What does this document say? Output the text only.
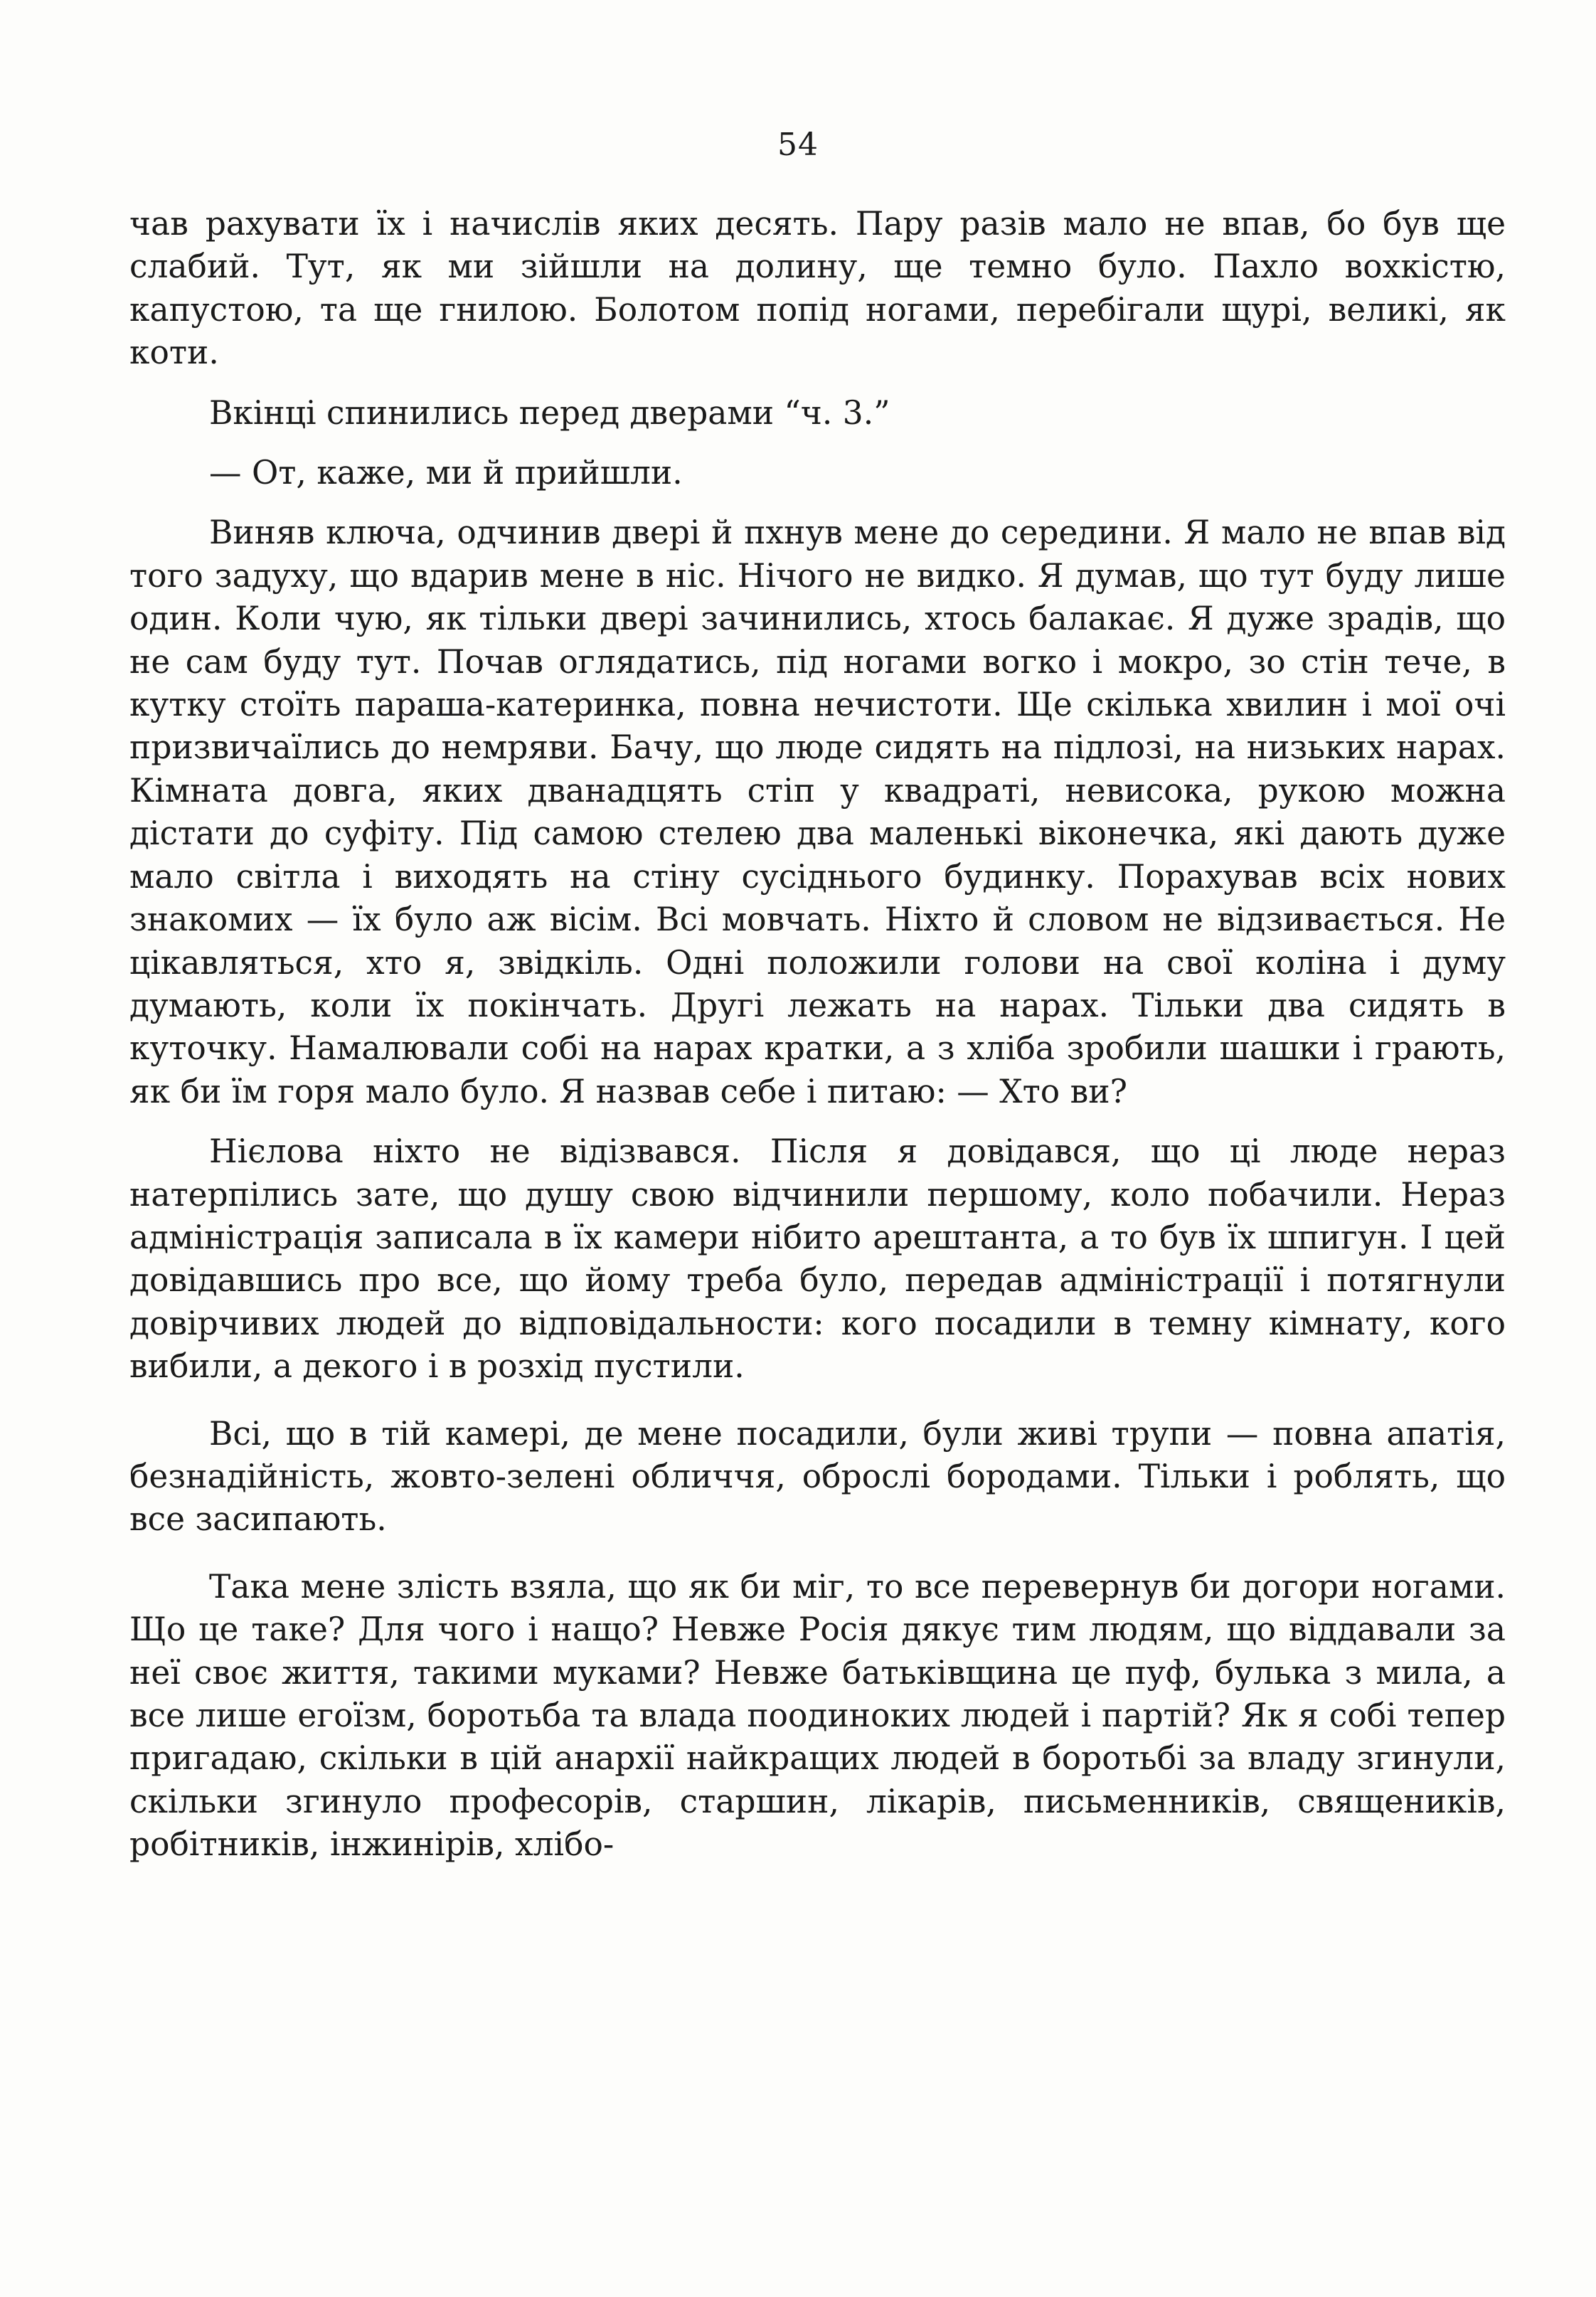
54

чав рахувати їх і начислів яких десять. Пару разів мало не впав, бо був ще слабий. Тут, як ми зійшли на долину, ще темно було. Пахло вохкістю, капустою, та ще гнилою. Болотом попід ногами, перебігали щурі, великі, як коти.

Вкінці спинились перед дверами “ч. 3.”

— От, каже, ми й прийшли.

Виняв ключа, одчинив двері й пхнув мене до середини. Я мало не впав від того задуху, що вдарив мене в ніс. Нічого не видко. Я думав, що тут буду лише один. Коли чую, як тільки двері зачинились, хтось балакає. Я дуже зрадів, що не сам буду тут. Почав оглядатись, під ногами вогко і мокро, зо стін тече, в кутку стоїть параша-катеринка, повна нечистоти. Ще скілька хвилин і мої очі призвичаїлись до немряви. Бачу, що люде сидять на підлозі, на низьких нарах. Кімната довга, яких дванадцять стіп у квадраті, невисока, рукою можна дістати до суфіту. Під самою стелею два маленькі віконечка, які дають дуже мало світла і виходять на стіну сусіднього будинку. Порахував всіх нових знакомих — їх було аж вісім. Всі мовчать. Ніхто й словом не відзивається. Не цікавляться, хто я, звідкіль. Одні положили голови на свої коліна і думу думають, коли їх покінчать. Другі лежать на нарах. Тільки два сидять в куточку. Намалювали собі на нарах кратки, а з хліба зробили шашки і грають, як би їм горя мало було. Я назвав себе і питаю: — Хто ви?

Нієлова ніхто не відізвався. Після я довідався, що ці люде нераз натерпілись зате, що душу свою відчинили першому, коло побачили. Нераз адміністрація записала в їх камери нібито арештанта, а то був їх шпигун. І цей довідавшись про все, що йому треба було, передав адміністрації і потягнули довірчивих людей до відповідальности: кого посадили в темну кімнату, кого вибили, а декого і в розхід пустили.

Всі, що в тій камері, де мене посадили, були живі трупи — повна апатія, безнадійність, жовто-зелені обличчя, оброслі бородами. Тільки і роблять, що все засипають.

Така мене злість взяла, що як би міг, то все перевернув би догори ногами. Що це таке? Для чого і нащо? Невже Росія дякує тим людям, що віддавали за неї своє життя, такими муками? Невже батьківщина це пуф, булька з мила, а все лише егоїзм, боротьба та влада поодиноких людей і партій? Як я собі тепер пригадаю, скільки в цій анархії найкращих людей в боротьбі за владу згинули, скільки згинуло професорів, старшин, лікарів, письменників, священиків, робітників, інжинірів, хлібо-
